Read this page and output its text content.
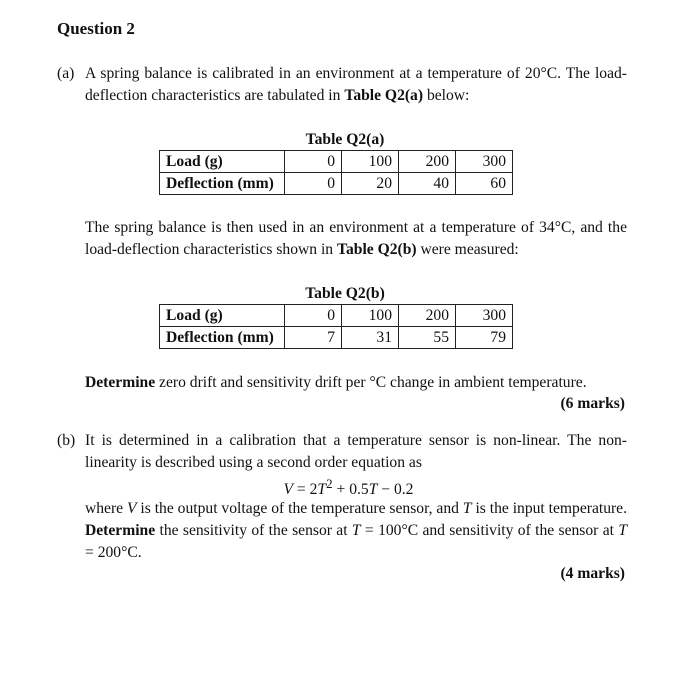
Question 2
(a) A spring balance is calibrated in an environment at a temperature of 20°C. The load-deflection characteristics are tabulated in Table Q2(a) below:
Table Q2(a)
Load (g)	0	100	200	300
Deflection (mm)	0	20	40	60
The spring balance is then used in an environment at a temperature of 34°C, and the load-deflection characteristics shown in Table Q2(b) were measured:
Table Q2(b)
Load (g)	0	100	200	300
Deflection (mm)	7	31	55	79
Determine zero drift and sensitivity drift per °C change in ambient temperature.
(6 marks)
(b) It is determined in a calibration that a temperature sensor is non-linear. The non-linearity is described using a second order equation as
$V = 2T^2 + 0.5T - 0.2$
where V is the output voltage of the temperature sensor, and T is the input temperature. Determine the sensitivity of the sensor at T = 100°C and sensitivity of the sensor at T = 200°C.
(4 marks)
